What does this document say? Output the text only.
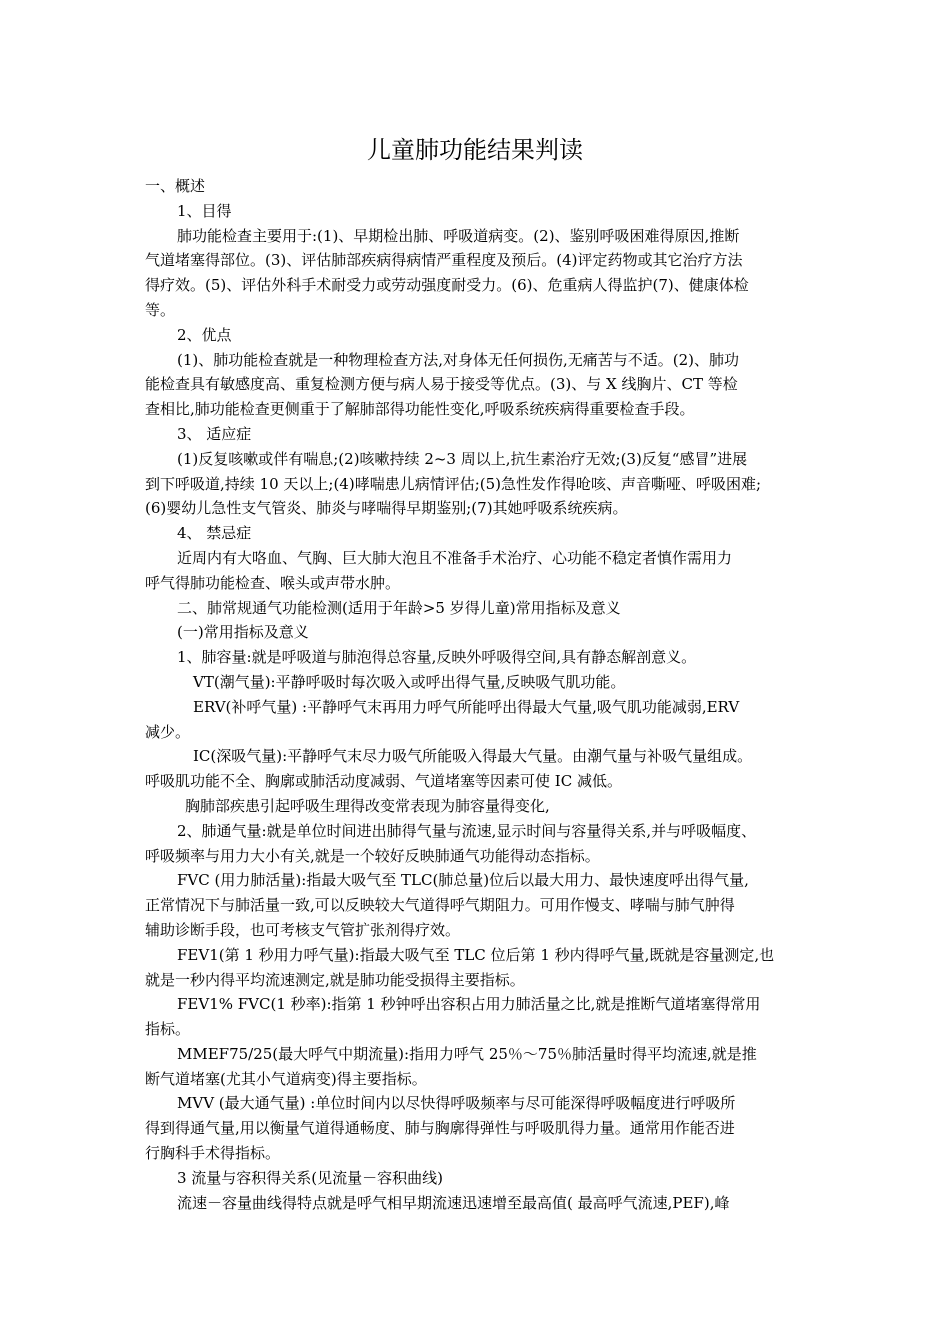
儿童肺功能结果判读
一、概述
1、目得
肺功能检查主要用于:(1)、早期检出肺、呼吸道病变。(2)、鉴别呼吸困难得原因,推断
气道堵塞得部位。(3)、评估肺部疾病得病情严重程度及预后。(4)评定药物或其它治疗方法
得疗效。(5)、评估外科手术耐受力或劳动强度耐受力。(6)、危重病人得监护(7)、健康体检
等。
2、优点
(1)、肺功能检查就是一种物理检查方法,对身体无任何损伤,无痛苦与不适。(2)、肺功
能检查具有敏感度高、重复检测方便与病人易于接受等优点。(3)、与 X 线胸片、CT 等检
查相比,肺功能检查更侧重于了解肺部得功能性变化,呼吸系统疾病得重要检查手段。
3、 适应症
(1)反复咳嗽或伴有喘息;(2)咳嗽持续 2~3 周以上,抗生素治疗无效;(3)反复“感冒”进展
到下呼吸道,持续 10 天以上;(4)哮喘患儿病情评估;(5)急性发作得呛咳、声音嘶哑、呼吸困难;
(6)婴幼儿急性支气管炎、肺炎与哮喘得早期鉴别;(7)其她呼吸系统疾病。
4、 禁忌症
近周内有大咯血、气胸、巨大肺大泡且不准备手术治疗、心功能不稳定者慎作需用力
呼气得肺功能检查、喉头或声带水肿。
二、肺常规通气功能检测(适用于年龄>5 岁得儿童)常用指标及意义
(一)常用指标及意义
1、肺容量:就是呼吸道与肺泡得总容量,反映外呼吸得空间,具有静态解剖意义。
VT(潮气量):平静呼吸时每次吸入或呼出得气量,反映吸气肌功能。
ERV(补呼气量) :平静呼气末再用力呼气所能呼出得最大气量,吸气肌功能减弱,ERV
减少。
IC(深吸气量):平静呼气末尽力吸气所能吸入得最大气量。由潮气量与补吸气量组成。
呼吸肌功能不全、胸廓或肺活动度减弱、气道堵塞等因素可使 IC 减低。
胸肺部疾患引起呼吸生理得改变常表现为肺容量得变化,
2、肺通气量:就是单位时间进出肺得气量与流速,显示时间与容量得关系,并与呼吸幅度、
呼吸频率与用力大小有关,就是一个较好反映肺通气功能得动态指标。
FVC (用力肺活量):指最大吸气至 TLC(肺总量)位后以最大用力、最快速度呼出得气量,
正常情况下与肺活量一致,可以反映较大气道得呼气期阻力。可用作慢支、哮喘与肺气肿得
辅助诊断手段，也可考核支气管扩张剂得疗效。
FEV1(第 1 秒用力呼气量):指最大吸气至 TLC 位后第 1 秒内得呼气量,既就是容量测定,也
就是一秒内得平均流速测定,就是肺功能受损得主要指标。
FEV1% FVC(1 秒率):指第 1 秒钟呼出容积占用力肺活量之比,就是推断气道堵塞得常用
指标。
MMEF75/25(最大呼气中期流量):指用力呼气 25％～75％肺活量时得平均流速,就是推
断气道堵塞(尤其小气道病变)得主要指标。
MVV (最大通气量) :单位时间内以尽快得呼吸频率与尽可能深得呼吸幅度进行呼吸所
得到得通气量,用以衡量气道得通畅度、肺与胸廓得弹性与呼吸肌得力量。通常用作能否进
行胸科手术得指标。
3 流量与容积得关系(见流量－容积曲线)
流速－容量曲线得特点就是呼气相早期流速迅速增至最高值( 最高呼气流速,PEF),峰
